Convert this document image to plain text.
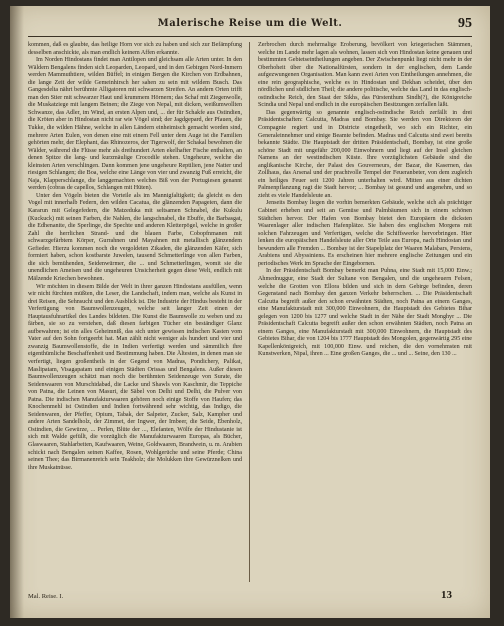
Malerische Reise um die Welt.	95

kommen, daß es glaubte, das heilige Horn vor sich zu haben und sich zur Befämpfung desselben anschickte, als man endlich keinem Affen erkannte.

Im Norden Hindostans findet man Antilopen und gleichsam alle Arten unter. In den Wäldern Bengalens finden sich Leoparden, Leopard, und in den Gebirgen Nord-Inmern werden Mammuthtiere, wilden Büffel; in einigen Bergen die Kirchen von Erdbahnen, die lange Zeit der wilde Gemeinhirsch her sahen zu sein mit wildem Busch. Das Gangesdelta nährt berühmte Alligatoren mit schwarzen Streifen. An andern Orten trifft man den Stier mit schwarzer Haut und krummem Hörnern; das Schaf mit Ziegenwolle, die Muskatziege mit langem Beinen; die Ziege von Nepal, mit dicken, weißumwollten Schwanze, das Adler, im Wind, an ersten Alpen und, ... der für Schakfe aus Ostindien, die Kröten aber in Hindostan nicht rar wie Vögel sind; der Jagdgepard, der Pfauen, die Tukke, die wilden Hähne, welche in allen Ländern einheimisch gemacht worden sind, mehrere Arten Eulen, von denen eine mit einem Fell unter dem Auge ist die Familien gehörten mehr, der Elephant, das Rhinozeros, der Tigerwolf, der Schakal bewohnen die Wälder, während die Flüsse mehr als dreihundert Arten ekelhafter Fische enthalten, an denen Spitze die lang- und kurzmäulige Crocodile stehen. Ungeheure, welche die kleinsten Arten verschlingen. Dann kommen jene ungeheure Reptilien, jene Natter und riesigen Schlangen; die Boa, welche eine Länge von vier und zwanzig Fuß erreicht, die Naja, Klapperschlange, die langgemachten welches Biß von der Portugiesen genannt werden (cobras de capellos, Schlangen mit Hüten).

Unter den Vögeln bieten die Vorteile als im Mannigfaltigkeit; da gleicht es den Vogel mit innerhalb Federn, den wilden Cacatua, die glänzenden Papageien, dann die Kararun mit Gelegefedern, die Matzeduka mit seltsamen Schnabel, die Kukulu (Kuckuck) mit seinen Farben, die Nahlen, die langschnabel, die Ebuffe, die Barbasgat, die Edhenanite, die Sperlinge, die Spechte und anderen Kletterpögel, welche in großer Zahl die herrlichen Strand- und die blauen Farbe, Cobopfnmanen mit schwarzgefärbtem Körper, Gurrahnen und Mayahnen mit metallisch glänzendem Gefieder. Hierzu kommen noch die vergoldeten Zikaden, die glänzenden Käfer, sich formiert haben, schon kostbarste Juwelen, tausend Schmetterlinge von allen Farben, die sich bemühenden, Seidenwürmer, die ... und Schmetterlingen, womit sie die unendlichen Ameisen und die ungeheuren Unsicherheit gegen diese Welt, endlich mit Mälzende Kriechen bewohnen.

Wir möchten in diesem Bilde der Welt in ihrer ganzen Hindostans ausfüllen, wenn wir nicht fürchten müßten, die Leser, die Landschaft, indem man, welche als Kunst in drei Reisen, die Sehnsucht und den Ausblick ist. Die Industrie der Hindus besteht in der Verfertigung von Baumwollenzeugen, welche seit langer Zeit einen der Hauptausfuhrartikel des Landes bildeten. Die Kunst die Baumwolle zu weben und zu färben, sie so zu verstehen, daß diesen farbigen Tücher ein beständiger Glanz aufbewahren; ist ein alles Geheimniß, das sich unter gewissen indischen Kasten vom Vater auf den Sohn fortgeerbt hat. Man zählt nicht weniger als hundert und vier und zwanzig Baumwollenstoffe, die in Indien verfertigt werden und sämmtlich ihre eigenthümliche Beschaffenheit und Bestimmung haben. Die Ältesten, in denen man sie verfertigt, liegen großentheils in der Gegend von Madras, Pondichery, Palikat, Maslipatam, Visagapatam und einigen Städten Orissas und Bengalens. Außer diesen Baumwollenzeugen schätzt man noch die berühmten Seidenzeuge von Surate, die Seidenwaaren von Murschidabad, die Lacke und Shawls von Kaschmir, die Teppiche von Patna, die Leinen von Masuri, die Säbel von Delhi und Delhi, die Pulver von Patna. Die indischen Manufakturwaaren gehören noch einige Stoffe von Haufen; das Knochenmehl ist Ostindien und Indien fortwährend sehr wichtig, das Indigo, die Seidenwaren, der Pfeffer, Opium, Tabak, der Salpeter, Zucker, Salz, Kampher und andere Arten Sandelholz, der Zimmet, der Ingwer, der Imbeer, die Seide, Ebenholz, Ostindien, die Gewürze, ... Perlen, Blüte der ..., Elefanten, Wölfe der Hindustanie ist sich mit Walde gefüllt, die vorzüglich die Manufakturwaaren Europas, als Bücher, Glaswaaren, Stahlarbeiten, Kaufwaaren, Weine, Goldwaaren, Brandwein, u. m. Arabien schickt nach Bengalen seinen Kaffee, Rosen, Wohlgerüche und seine Pferde; China seinen Thee; das Birmanenreich sein Teakholz; die Molukken ihre Gewürznelken und ihre Muskatnüsse.

Zerbrochen durch mehrmalige Eroberung, bevölkert von kriegerischen Stämmen, welche im Lande mehr lagen als wohnen, lassen sich von Hindostan keine genauen und bestimmten Gebietseintheilungen angeben. Der Zwischenpunkt liegt nicht mehr in der Oberhoheit über die Nationalfürsten, sondern in der englischen, dem Lande aufgezwungenen Organisation. Man kann zwei Arten von Eintheilungen annehmen, die eine rein geographische, welche es in Hindostan und Dekhan scheidet, über den nördlichen und südlichen Theil; die andere politische, welche das Land in das englisch-ostindische Reich, den Staat der Sikhs, das Fürstenthum Sindh(?), die Königreiche Scindia und Nepal und endlich in die europäischen Besitzungen zerfallen läßt.

Das gegenwärtig so genannte englisch-ostindische Reich zerfällt in drei Präsidentschaften: Calcutta, Madras und Bombay. Sie werden von Direktoren der Compagnie regiert und in Districte eingetheilt, wo sich ein Richter, ein Generaleinnehmer und einige Beamte befinden. Madras und Calcutta sind zwei bereits bekannte Städte. Die Hauptstadt der dritten Präsidentschaft, Bombay, ist eine große schöne Stadt mit ungefähr 200,000 Einwohnern und liegt auf der Insel gleichen Namens an der westindischen Küste. Ihre vorzüglichsten Gebäude sind die anglikanische Kirche, der Palast des Gouverneurs, der Bazar, die Kasernen, das Zollhaus, das Arsenal und der prachtvolle Tempel der Feueranbeter, von dem zugleich ein heiliges Feuer seit 1200 Jahren unterhalten wird. Mitten aus einer dichten Palmenpflanzung ragt die Stadt hervor; ... Bombay ist gesund und angenehm, und so zieht es viele Handelsleute an.

Jenseits Bombay liegen die vorhin bemerkten Gebäude, welche sich als prächtiger Cabinet erheben und seit an Gemüse und Palmbäumen sich in einem schönen Städtchen hervor. Der Hafen von Bombay bietet den Europäern die dicksten Waarenlager aller indischen Hafenplätze. Sie haben des englischen Morgens mit solchen Fahrzeugen und Verfertigen, welche die Schiffswerke hervorbringen. Hier lenken die europäischen Handelsleute aller Orte Teile aus Europa, nach Hindostan und bewundern alle Fremden ... Bombay ist der Stapelplatz der Waaren Malabars, Persiens, Arabiens und Abyssiniens. Es erscheinen hier mehrere englische Zeitungen und ein periodisches Werk im Sprache der Eingebornen.

In der Präsidentschaft Bombay bemerkt man Puhna, eine Stadt mit 15,000 Einw.; Ahmednuggur, eine Stadt der Sultane von Bengalen, und die ungeheuern Felsen, welche die Grotten von Ellora bilden und sich in dem Gebirge befinden, deren Gegenstand nach Bombay den ganzen Verkehr beherrschen. ... Die Präsidentschaft Calcutta begreift außer den schon erwähnten Städten, noch Patna an einem Ganges, eine Manufakturstadt mit 300,000 Einwohnern, die Hauptstadt des Gebietes Bihar gelegen von 1200 bis 1277 und welche Stadt in der Nähe der Stadt Monghyr ... Die Präsidentschaft Calcutta begreift außer den schon erwähnten Städten, noch Patna an einem Ganges, eine Manufakturstadt mit 300,000 Einwohnern, die Hauptstadt des Gebietes Bihar, die von 1204 bis 1777 Hauptstadt des Mongolen, gegenwärtig 295 eine Kapellenkönigreich, mit 100,000 Einw. und reichen, die den vornehmsten mit Kunstwerken, Nipal, ihren ... Eine großen Ganges, die ... und ... Seine, den 130 ...

Mal. Reise. I.	13
